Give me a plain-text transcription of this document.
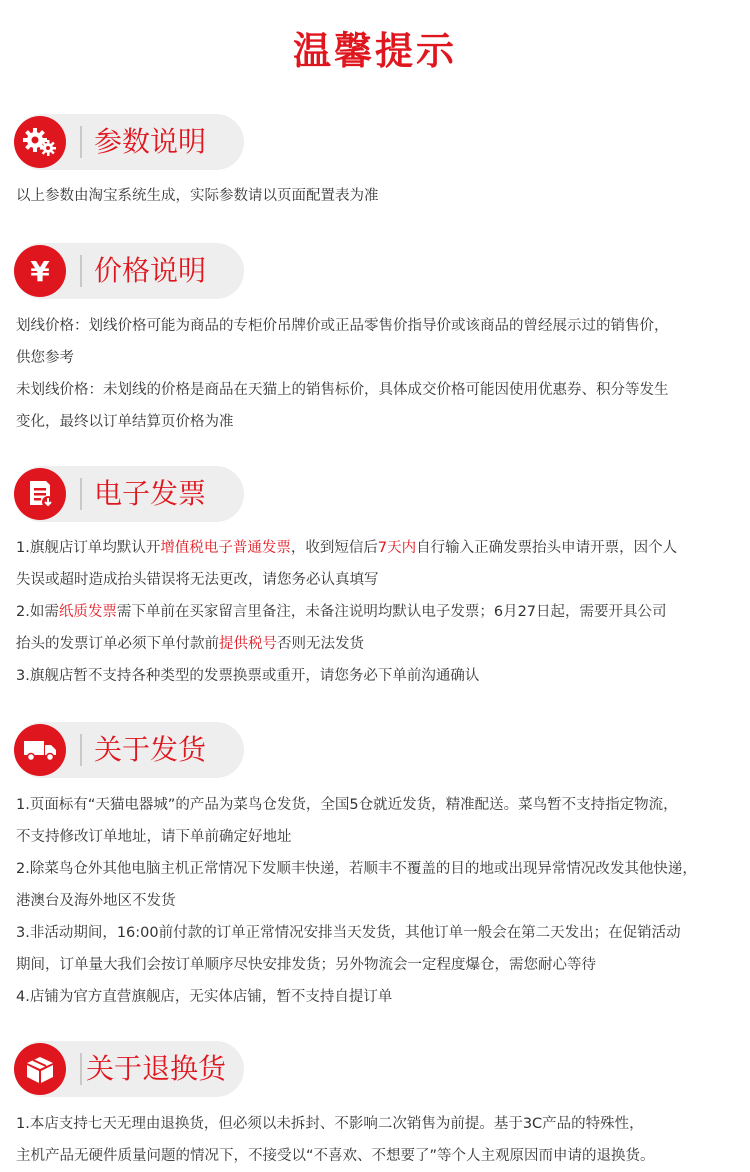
温馨提示
参数说明

以上参数由淘宝系统生成，实际参数请以页面配置表为准

¥ 价格说明
划线价格：划线价格可能为商品的专柜价吊牌价或正品零售价指导价或该商品的曾经展示过的销售价，
供您参考
未划线价格：未划线的价格是商品在天猫上的销售标价，具体成交价格可能因使用优惠券、积分等发生
变化，最终以订单结算页价格为准
电子发票
1.旗舰店订单均默认开增值税电子普通发票，收到短信后7天内自行输入正确发票抬头申请开票，因个人
失误或超时造成抬头错误将无法更改，请您务必认真填写
2.如需纸质发票需下单前在买家留言里备注，未备注说明均默认电子发票；6月27日起，需要开具公司
抬头的发票订单必须下单付款前提供税号否则无法发货
3.旗舰店暂不支持各种类型的发票换票或重开，请您务必下单前沟通确认
关于发货
1.页面标有“天猫电器城”的产品为菜鸟仓发货，全国5仓就近发货，精准配送。菜鸟暂不支持指定物流，
不支持修改订单地址，请下单前确定好地址
2.除菜鸟仓外其他电脑主机正常情况下发顺丰快递，若顺丰不覆盖的目的地或出现异常情况改发其他快递，
港澳台及海外地区不发货
3.非活动期间，16:00前付款的订单正常情况安排当天发货，其他订单一般会在第二天发出；在促销活动
期间，订单量大我们会按订单顺序尽快安排发货；另外物流会一定程度爆仓，需您耐心等待
4.店铺为官方直营旗舰店，无实体店铺，暂不支持自提订单
关于退换货
1.本店支持七天无理由退换货，但必须以未拆封、不影响二次销售为前提。基于3C产品的特殊性，
主机产品无硬件质量问题的情况下，不接受以“不喜欢、不想要了”等个人主观原因而申请的退换货。
